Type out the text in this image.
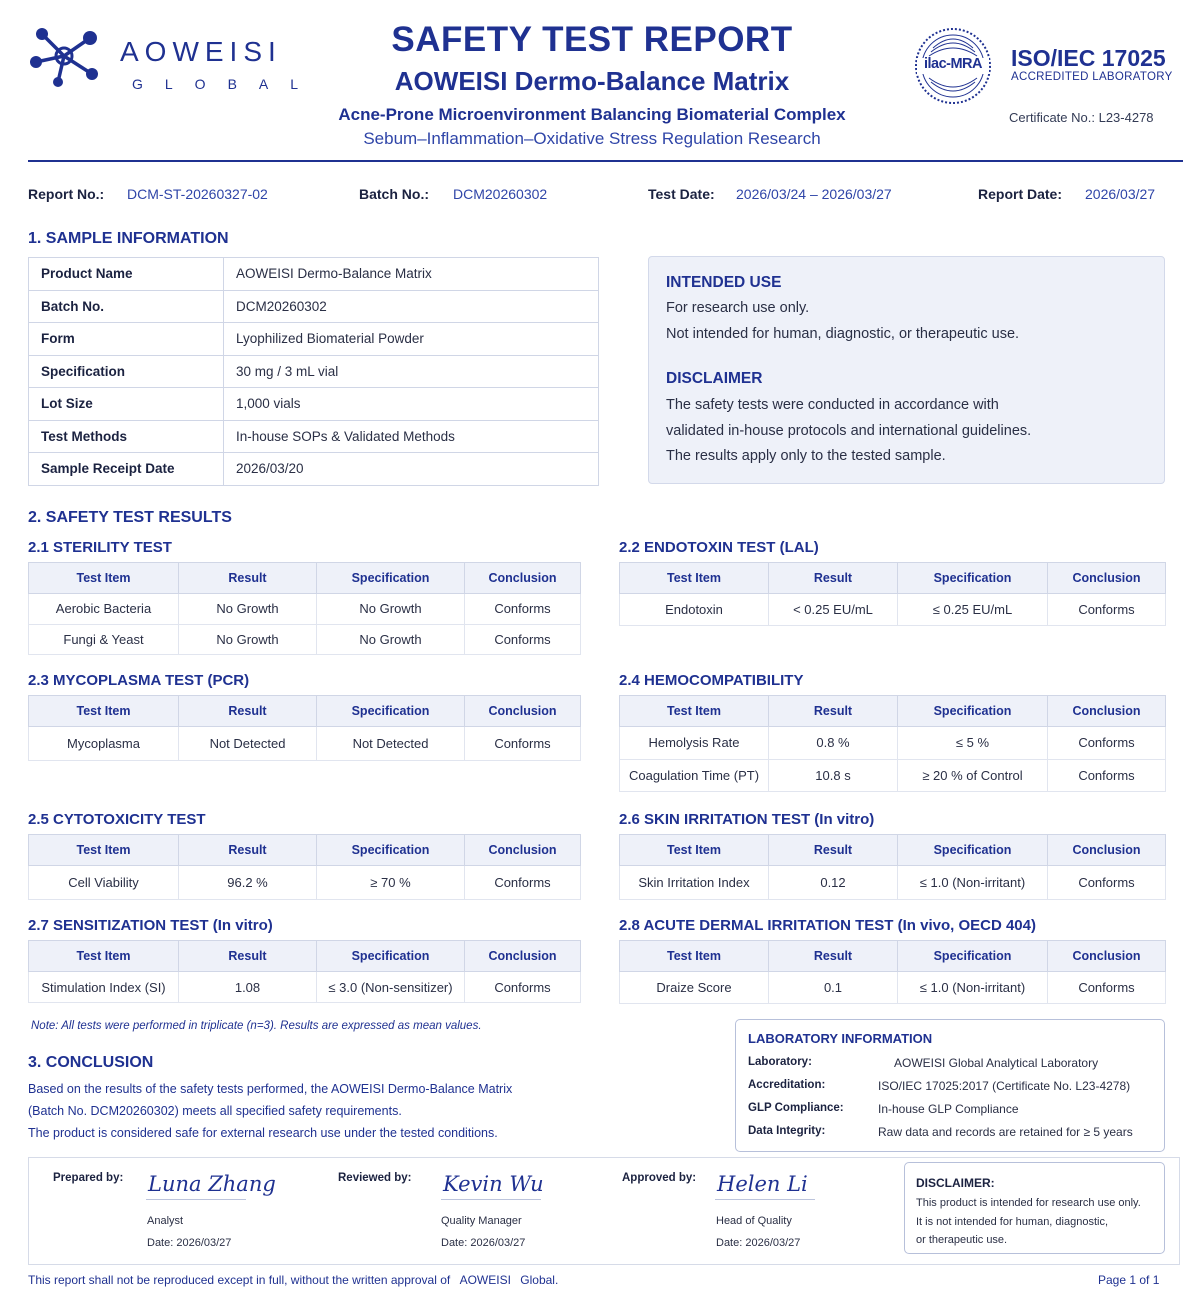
AOWEISI
GLOBAL
SAFETY TEST REPORT
AOWEISI Dermo-Balance Matrix
Acne-Prone Microenvironment Balancing Biomaterial Complex
Sebum–Inflammation–Oxidative Stress Regulation Research
ilac-MRA	ISO/IEC 17025
ACCREDITED LABORATORY
Certificate No.: L23-4278
Report No.: DCM-ST-20260327-02	Batch No.: DCM20260302	Test Date: 2026/03/24 – 2026/03/27	Report Date: 2026/03/27
1. SAMPLE INFORMATION
Product Name	AOWEISI Dermo-Balance Matrix
Batch No.	DCM20260302
Form	Lyophilized Biomaterial Powder
Specification	30 mg / 3 mL vial
Lot Size	1,000 vials
Test Methods	In-house SOPs & Validated Methods
Sample Receipt Date	2026/03/20
INTENDED USE
For research use only.
Not intended for human, diagnostic, or therapeutic use.
DISCLAIMER
The safety tests were conducted in accordance with
validated in-house protocols and international guidelines.
The results apply only to the tested sample.
2. SAFETY TEST RESULTS
2.1 STERILITY TEST
Test Item	Result	Specification	Conclusion
Aerobic Bacteria	No Growth	No Growth	Conforms
Fungi & Yeast	No Growth	No Growth	Conforms
2.2 ENDOTOXIN TEST (LAL)
Test Item	Result	Specification	Conclusion
Endotoxin	< 0.25 EU/mL	≤ 0.25 EU/mL	Conforms
2.3 MYCOPLASMA TEST (PCR)
Test Item	Result	Specification	Conclusion
Mycoplasma	Not Detected	Not Detected	Conforms
2.4 HEMOCOMPATIBILITY
Test Item	Result	Specification	Conclusion
Hemolysis Rate	0.8 %	≤ 5 %	Conforms
Coagulation Time (PT)	10.8 s	≥ 20 % of Control	Conforms
2.5 CYTOTOXICITY TEST
Test Item	Result	Specification	Conclusion
Cell Viability	96.2 %	≥ 70 %	Conforms
2.6 SKIN IRRITATION TEST (In vitro)
Test Item	Result	Specification	Conclusion
Skin Irritation Index	0.12	≤ 1.0 (Non-irritant)	Conforms
2.7 SENSITIZATION TEST (In vitro)
Test Item	Result	Specification	Conclusion
Stimulation Index (SI)	1.08	≤ 3.0 (Non-sensitizer)	Conforms
2.8 ACUTE DERMAL IRRITATION TEST (In vivo, OECD 404)
Test Item	Result	Specification	Conclusion
Draize Score	0.1	≤ 1.0 (Non-irritant)	Conforms
Note: All tests were performed in triplicate (n=3). Results are expressed as mean values.
3. CONCLUSION
Based on the results of the safety tests performed, the AOWEISI Dermo-Balance Matrix
(Batch No. DCM20260302) meets all specified safety requirements.
The product is considered safe for external research use under the tested conditions.
LABORATORY INFORMATION
Laboratory:	AOWEISI Global Analytical Laboratory
Accreditation:	ISO/IEC 17025:2017 (Certificate No. L23-4278)
GLP Compliance:	In-house GLP Compliance
Data Integrity:	Raw data and records are retained for ≥ 5 years
Prepared by: Luna Zhang
Analyst
Date: 2026/03/27
Reviewed by: Kevin Wu
Quality Manager
Date: 2026/03/27
Approved by: Helen Li
Head of Quality
Date: 2026/03/27
DISCLAIMER:
This product is intended for research use only.
It is not intended for human, diagnostic,
or therapeutic use.
This report shall not be reproduced except in full, without the written approval of AOWEISI Global.	Page 1 of 1
